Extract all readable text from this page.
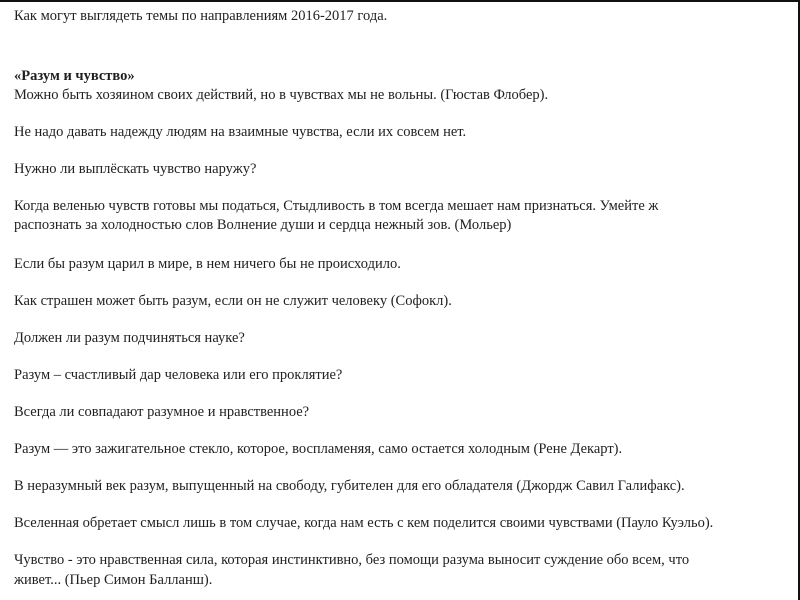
Как могут выглядеть темы по направлениям 2016-2017 года.
«Разум и чувство»
Можно быть хозяином своих действий, но в чувствах мы не вольны. (Гюстав Флобер).
Не надо давать надежду людям на взаимные чувства, если их совсем нет.
Нужно ли выплёскать чувство наружу?
Когда веленью чувств готовы мы податься, Стыдливость в том всегда мешает нам признаться. Умейте ж
распознать за холодностью слов Волнение души и сердца нежный зов. (Мольер)
Если бы разум царил в мире, в нем ничего бы не происходило.
Как страшен может быть разум, если он не служит человеку (Софокл).
Должен ли разум подчиняться науке?
Разум – счастливый дар человека или его проклятие?
Всегда ли совпадают разумное и нравственное?
Разум — это зажигательное стекло, которое, воспламеняя, само остается холодным (Рене Декарт).
В неразумный век разум, выпущенный на свободу, губителен для его обладателя (Джордж Савил Галифакс).
Вселенная обретает смысл лишь в том случае, когда нам есть с кем поделится своими чувствами (Пауло Куэльо).
Чувство - это нравственная сила, которая инстинктивно, без помощи разума выносит суждение обо всем, что
живет... (Пьер Симон Балланш).
